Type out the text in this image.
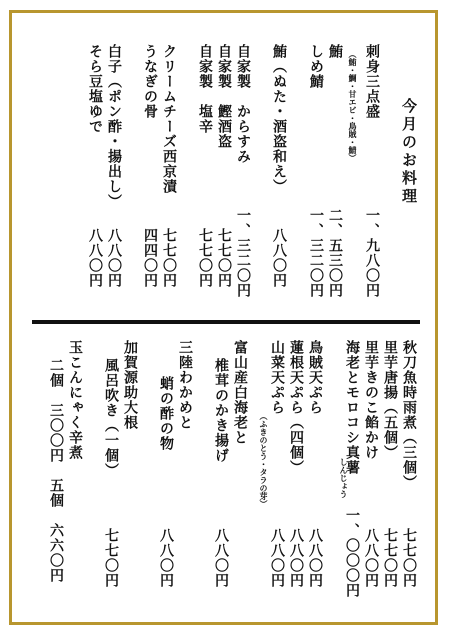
今月のお料理
刺身三点盛
（鮪・鯛・甘エビ・鳥賊・鯖）
鮪
しめ鯖
鮪（ぬた・酒盗和え）
自家製　からすみ
自家製　鰹酒盗
自家製　塩辛
クリームチーズ西京漬
うなぎの骨
白子（ポン酢・揚出し）
そら豆塩ゆで
一、九八〇円
二、五三〇円
一、三二〇円
八八〇円
一、三二〇円
七七〇円
七七〇円
七七〇円
四四〇円
八八〇円
八八〇円
秋刀魚時雨煮（三個）
里芋唐揚（五個）
里芋きのこ餡かけ
海老とモロコシ真薯
しんじょう
鳥賊天ぷら
蓮根天ぷら（四個）
山菜天ぷら
（ふきのとう・タラの芽）
富山産白海老と
椎茸のかき揚げ
三陸わかめと
蛸の酢の物
加賀源助大根
風呂吹き（一個）
玉こんにゃく辛煮
二個　三〇〇円　五個　六六〇円	七七〇円
七七〇円
八八〇円
一、〇〇〇円
八八〇円
八八〇円
八八〇円
八八〇円
八八〇円
七七〇円
